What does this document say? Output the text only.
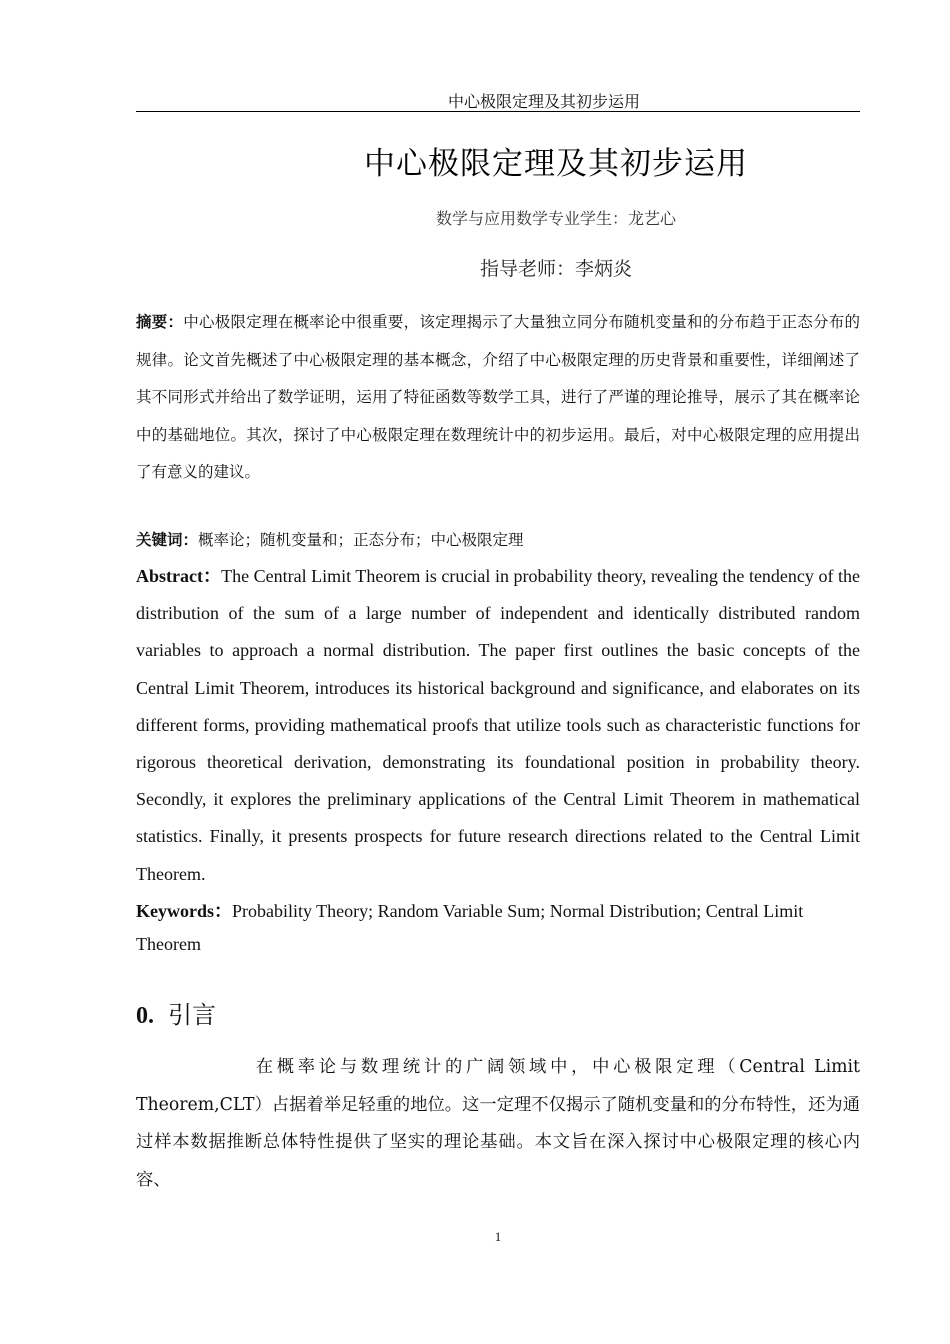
中心极限定理及其初步运用
中心极限定理及其初步运用
数学与应用数学专业学生：龙艺心
指导老师：李炳炎

摘要：中心极限定理在概率论中很重要，该定理揭示了大量独立同分布随机变量和的分布趋于正态分布的规律。论文首先概述了中心极限定理的基本概念，介绍了中心极限定理的历史背景和重要性，详细阐述了其不同形式并给出了数学证明，运用了特征函数等数学工具，进行了严谨的理论推导，展示了其在概率论中的基础地位。其次，探讨了中心极限定理在数理统计中的初步运用。最后，对中心极限定理的应用提出了有意义的建议。

关键词：概率论；随机变量和；正态分布；中心极限定理

Abstract：The Central Limit Theorem is crucial in probability theory, revealing the tendency of the distribution of the sum of a large number of independent and identically distributed random variables to approach a normal distribution. The paper first outlines the basic concepts of the Central Limit Theorem, introduces its historical background and significance, and elaborates on its different forms, providing mathematical proofs that utilize tools such as characteristic functions for rigorous theoretical derivation, demonstrating its foundational position in probability theory. Secondly, it explores the preliminary applications of the Central Limit Theorem in mathematical statistics. Finally, it presents prospects for future research directions related to the Central Limit Theorem.

Keywords：Probability Theory; Random Variable Sum; Normal Distribution; Central Limit Theorem

0. 引言

在概率论与数理统计的广阔领域中，中心极限定理（Central Limit Theorem,CLT）占据着举足轻重的地位。这一定理不仅揭示了随机变量和的分布特性，还为通过样本数据推断总体特性提供了坚实的理论基础。本文旨在深入探讨中心极限定理的核心内容、

1
